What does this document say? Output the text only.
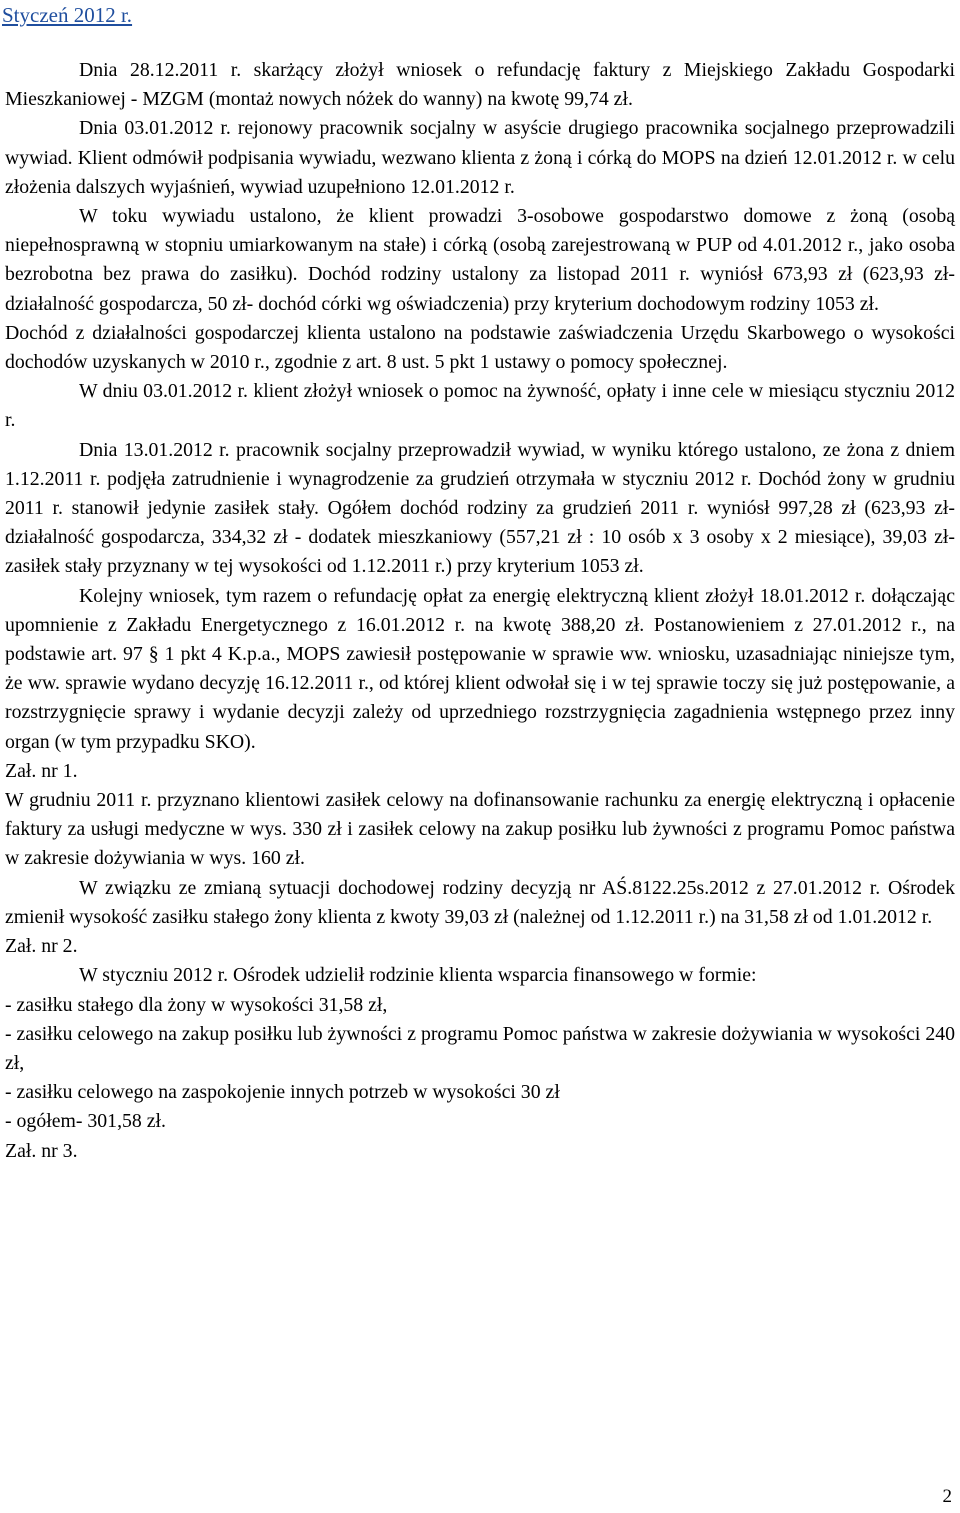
Styczeń 2012 r.

Dnia 28.12.2011 r. skarżący złożył wniosek o refundację faktury z Miejskiego Zakładu Gospodarki Mieszkaniowej - MZGM (montaż nowych nóżek do wanny) na kwotę 99,74 zł.

Dnia 03.01.2012 r. rejonowy pracownik socjalny w asyście drugiego pracownika socjalnego przeprowadzili wywiad. Klient odmówił podpisania wywiadu, wezwano klienta z żoną i córką do MOPS na dzień 12.01.2012 r. w celu złożenia dalszych wyjaśnień, wywiad uzupełniono 12.01.2012 r.

W toku wywiadu ustalono, że klient prowadzi 3-osobowe gospodarstwo domowe z żoną (osobą niepełnosprawną w stopniu umiarkowanym na stałe) i córką (osobą zarejestrowaną w PUP od 4.01.2012 r., jako osoba bezrobotna bez prawa do zasiłku). Dochód rodziny ustalony za listopad 2011 r. wyniósł 673,93 zł (623,93 zł- działalność gospodarcza, 50 zł- dochód córki wg oświadczenia) przy kryterium dochodowym rodziny 1053 zł.

Dochód z działalności gospodarczej klienta ustalono na podstawie zaświadczenia Urzędu Skarbowego o wysokości dochodów uzyskanych w 2010 r., zgodnie z art. 8 ust. 5 pkt 1 ustawy o pomocy społecznej.

W dniu 03.01.2012 r. klient złożył wniosek o pomoc na żywność, opłaty i inne cele w miesiącu styczniu 2012 r.

Dnia 13.01.2012 r. pracownik socjalny przeprowadził wywiad, w wyniku którego ustalono, ze żona z dniem 1.12.2011 r. podjęła zatrudnienie i wynagrodzenie za grudzień otrzymała w styczniu 2012 r. Dochód żony w grudniu 2011 r. stanowił jedynie zasiłek stały. Ogółem dochód rodziny za grudzień 2011 r. wyniósł 997,28 zł (623,93 zł- działalność gospodarcza, 334,32 zł - dodatek mieszkaniowy (557,21 zł : 10 osób x 3 osoby x 2 miesiące), 39,03 zł- zasiłek stały przyznany w tej wysokości od 1.12.2011 r.) przy kryterium 1053 zł.

Kolejny wniosek, tym razem o refundację opłat za energię elektryczną klient złożył 18.01.2012 r. dołączając upomnienie z Zakładu Energetycznego z 16.01.2012 r. na kwotę 388,20 zł. Postanowieniem z 27.01.2012 r., na podstawie art. 97 § 1 pkt 4 K.p.a., MOPS zawiesił postępowanie w sprawie ww. wniosku, uzasadniając niniejsze tym, że ww. sprawie wydano decyzję 16.12.2011 r., od której klient odwołał się i w tej sprawie toczy się już postępowanie, a rozstrzygnięcie sprawy i wydanie decyzji zależy od uprzedniego rozstrzygnięcia zagadnienia wstępnego przez inny organ (w tym przypadku SKO).

Zał. nr 1.

W grudniu 2011 r. przyznano klientowi zasiłek celowy na dofinansowanie rachunku za energię elektryczną i opłacenie faktury za usługi medyczne w wys. 330 zł i zasiłek celowy na zakup posiłku lub żywności z programu Pomoc państwa w zakresie dożywiania w wys. 160 zł.

W związku ze zmianą sytuacji dochodowej rodziny decyzją nr AŚ.8122.25s.2012 z 27.01.2012 r. Ośrodek zmienił wysokość zasiłku stałego żony klienta z kwoty 39,03 zł (należnej od 1.12.2011 r.) na 31,58 zł od 1.01.2012 r.

Zał. nr 2.

W styczniu 2012 r. Ośrodek udzielił rodzinie klienta wsparcia finansowego w formie:

- zasiłku stałego dla żony w wysokości 31,58 zł,

- zasiłku celowego na zakup posiłku lub żywności z programu Pomoc państwa w zakresie dożywiania w wysokości 240 zł,

- zasiłku celowego na zaspokojenie innych potrzeb w wysokości 30 zł

- ogółem- 301,58 zł.

Zał. nr 3.

2
